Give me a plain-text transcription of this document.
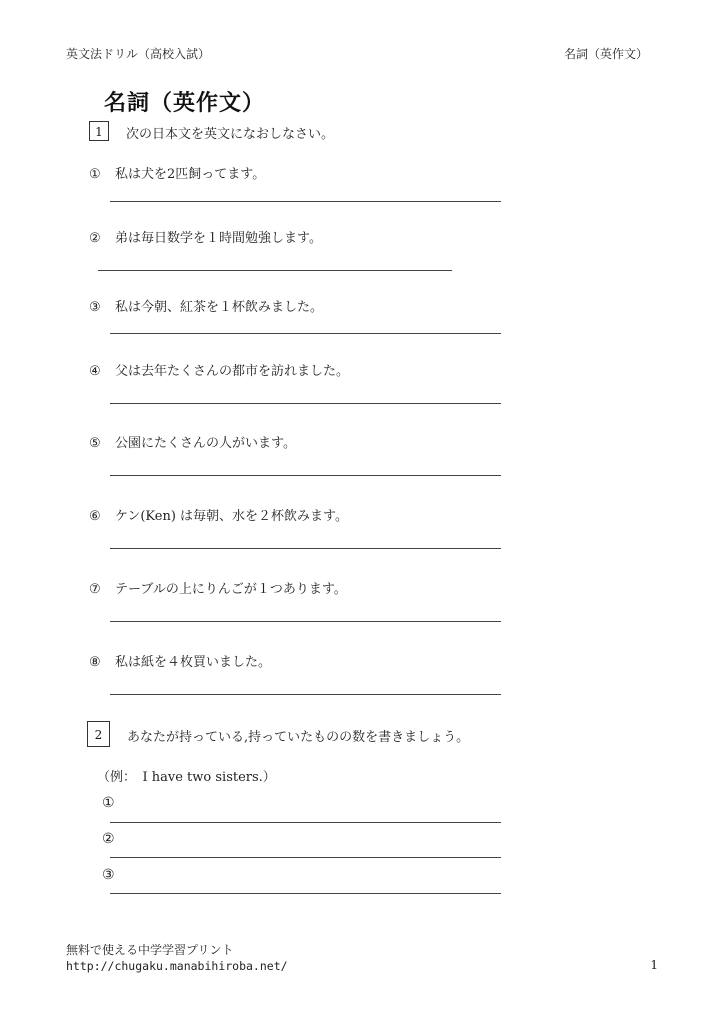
英文法ドリル（高校入試）	名詞（英作文）
名詞（英作文）
1	次の日本文を英文になおしなさい。
① 私は犬を2匹飼ってます。
② 弟は毎日数学を１時間勉強します。
③ 私は今朝、紅茶を１杯飲みました。
④ 父は去年たくさんの都市を訪れました。
⑤ 公園にたくさんの人がいます。
⑥ ケン(Ken) は毎朝、水を２杯飲みます。
⑦ テーブルの上にりんごが１つあります。
⑧ 私は紙を４枚買いました。
2	あなたが持っている,持っていたものの数を書きましょう。
（例：　I have two sisters.）
①
②
③
無料で使える中学学習プリント
http://chugaku.manabihiroba.net/	1
